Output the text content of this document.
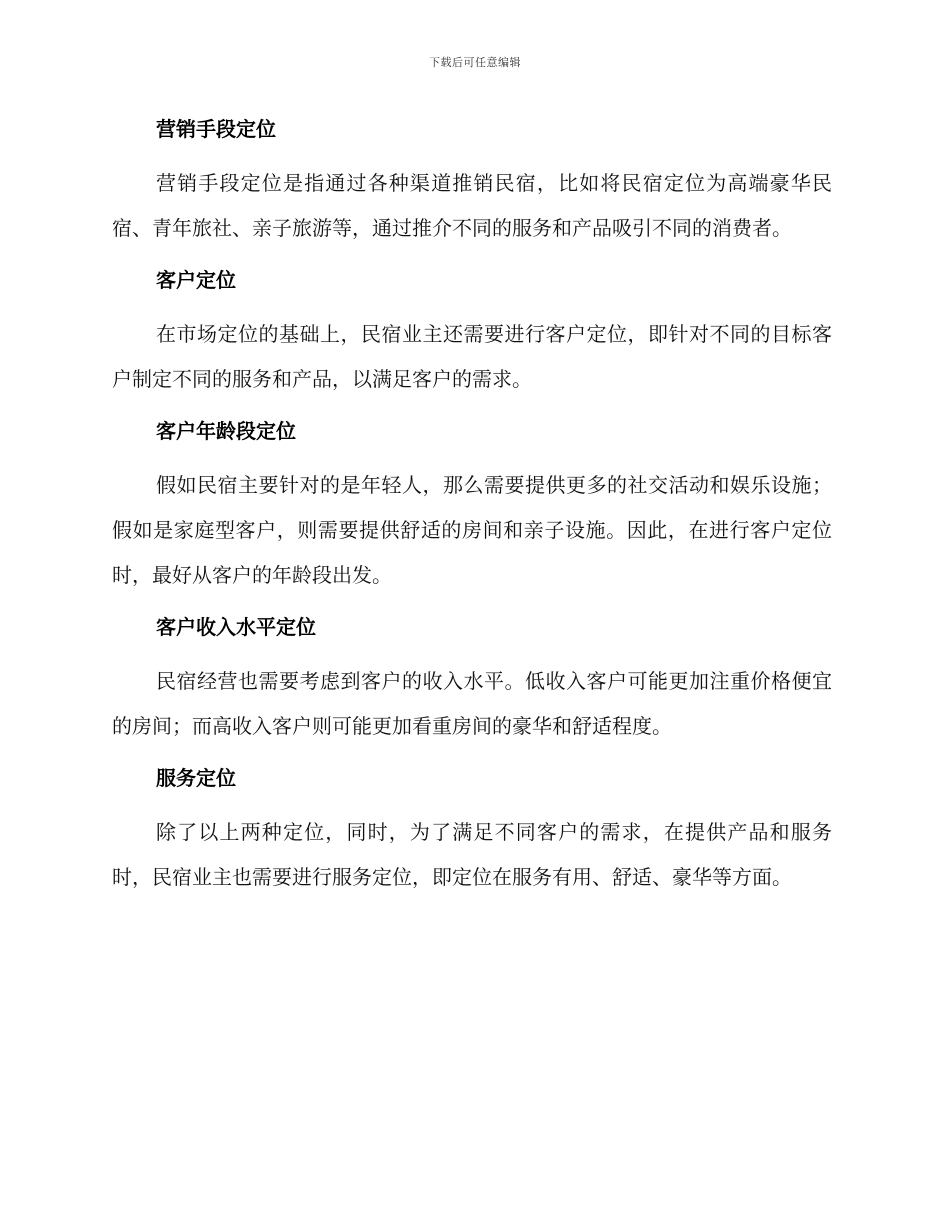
下载后可任意编辑
营销手段定位
营销手段定位是指通过各种渠道推销民宿，比如将民宿定位为高端豪华民宿、青年旅社、亲子旅游等，通过推介不同的服务和产品吸引不同的消费者。
客户定位
在市场定位的基础上，民宿业主还需要进行客户定位，即针对不同的目标客户制定不同的服务和产品，以满足客户的需求。
客户年龄段定位
假如民宿主要针对的是年轻人，那么需要提供更多的社交活动和娱乐设施；假如是家庭型客户，则需要提供舒适的房间和亲子设施。因此，在进行客户定位时，最好从客户的年龄段出发。
客户收入水平定位
民宿经营也需要考虑到客户的收入水平。低收入客户可能更加注重价格便宜的房间；而高收入客户则可能更加看重房间的豪华和舒适程度。
服务定位
除了以上两种定位，同时，为了满足不同客户的需求，在提供产品和服务时，民宿业主也需要进行服务定位，即定位在服务有用、舒适、豪华等方面。
